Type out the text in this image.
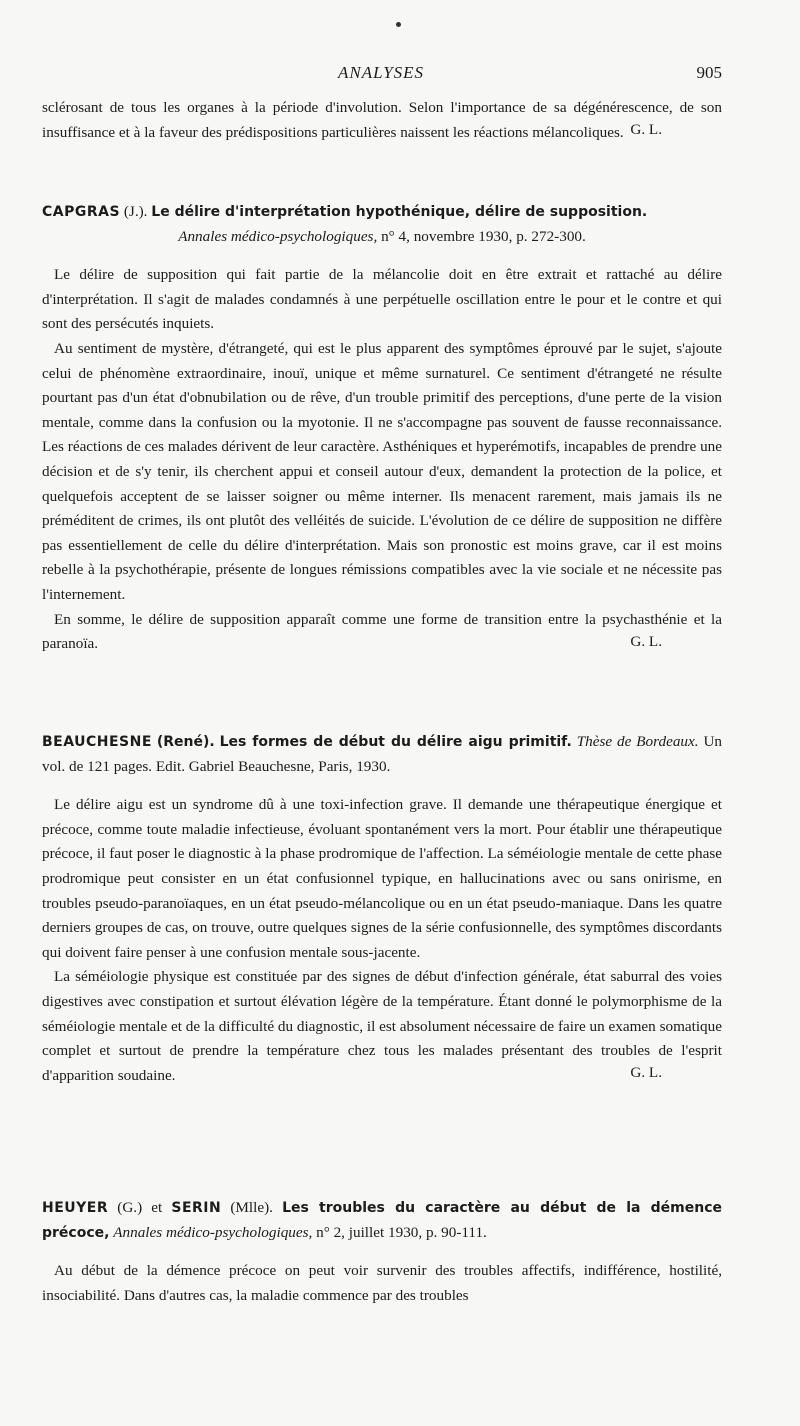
ANALYSES	905

sclérosant de tous les organes à la période d'involution. Selon l'importance de sa dégénérescence, de son insuffisance et à la faveur des prédispositions particulières naissent les réactions mélancoliques. G. L.

CAPGRAS (J.). Le délire d'interprétation hypothénique, délire de supposition.
Annales médico-psychologiques, n° 4, novembre 1930, p. 272-300.

Le délire de supposition qui fait partie de la mélancolie doit en être extrait et rattaché au délire d'interprétation. Il s'agit de malades condamnés à une perpétuelle oscillation entre le pour et le contre et qui sont des persécutés inquiets.

Au sentiment de mystère, d'étrangeté, qui est le plus apparent des symptômes éprouvé par le sujet, s'ajoute celui de phénomène extraordinaire, inouï, unique et même surnaturel. Ce sentiment d'étrangeté ne résulte pourtant pas d'un état d'obnubilation ou de rêve, d'un trouble primitif des perceptions, d'une perte de la vision mentale, comme dans la confusion ou la myotonie. Il ne s'accompagne pas souvent de fausse reconnaissance. Les réactions de ces malades dérivent de leur caractère. Asthéniques et hyperémotifs, incapables de prendre une décision et de s'y tenir, ils cherchent appui et conseil autour d'eux, demandent la protection de la police, et quelquefois acceptent de se laisser soigner ou même interner. Ils menacent rarement, mais jamais ils ne préméditent de crimes, ils ont plutôt des velléités de suicide. L'évolution de ce délire de supposition ne diffère pas essentiellement de celle du délire d'interprétation. Mais son pronostic est moins grave, car il est moins rebelle à la psychothérapie, présente de longues rémissions compatibles avec la vie sociale et ne nécessite pas l'internement.

En somme, le délire de supposition apparaît comme une forme de transition entre la psychasthénie et la paranoïa.	G. L.

BEAUCHESNE (René). Les formes de début du délire aigu primitif. Thèse de Bordeaux. Un vol. de 121 pages. Edit. Gabriel Beauchesne, Paris, 1930.

Le délire aigu est un syndrome dû à une toxi-infection grave. Il demande une thérapeutique énergique et précoce, comme toute maladie infectieuse, évoluant spontanément vers la mort. Pour établir une thérapeutique précoce, il faut poser le diagnostic à la phase prodromique de l'affection. La séméiologie mentale de cette phase prodromique peut consister en un état confusionnel typique, en hallucinations avec ou sans onirisme, en troubles pseudo-paranoïaques, en un état pseudo-mélancolique ou en un état pseudo-maniaque. Dans les quatre derniers groupes de cas, on trouve, outre quelques signes de la série confusionnelle, des symptômes discordants qui doivent faire penser à une confusion mentale sous-jacente.

La séméiologie physique est constituée par des signes de début d'infection générale, état saburral des voies digestives avec constipation et surtout élévation légère de la température. Étant donné le polymorphisme de la séméiologie mentale et de la difficulté du diagnostic, il est absolument nécessaire de faire un examen somatique complet et surtout de prendre la température chez tous les malades présentant des troubles de l'esprit d'apparition soudaine.	G. L.

HEUYER (G.) et SERIN (Mlle). Les troubles du caractère au début de la démence précoce, Annales médico-psychologiques, n° 2, juillet 1930, p. 90-111.

Au début de la démence précoce on peut voir survenir des troubles affectifs, indifférence, hostilité, insociabilité. Dans d'autres cas, la maladie commence par des troubles
